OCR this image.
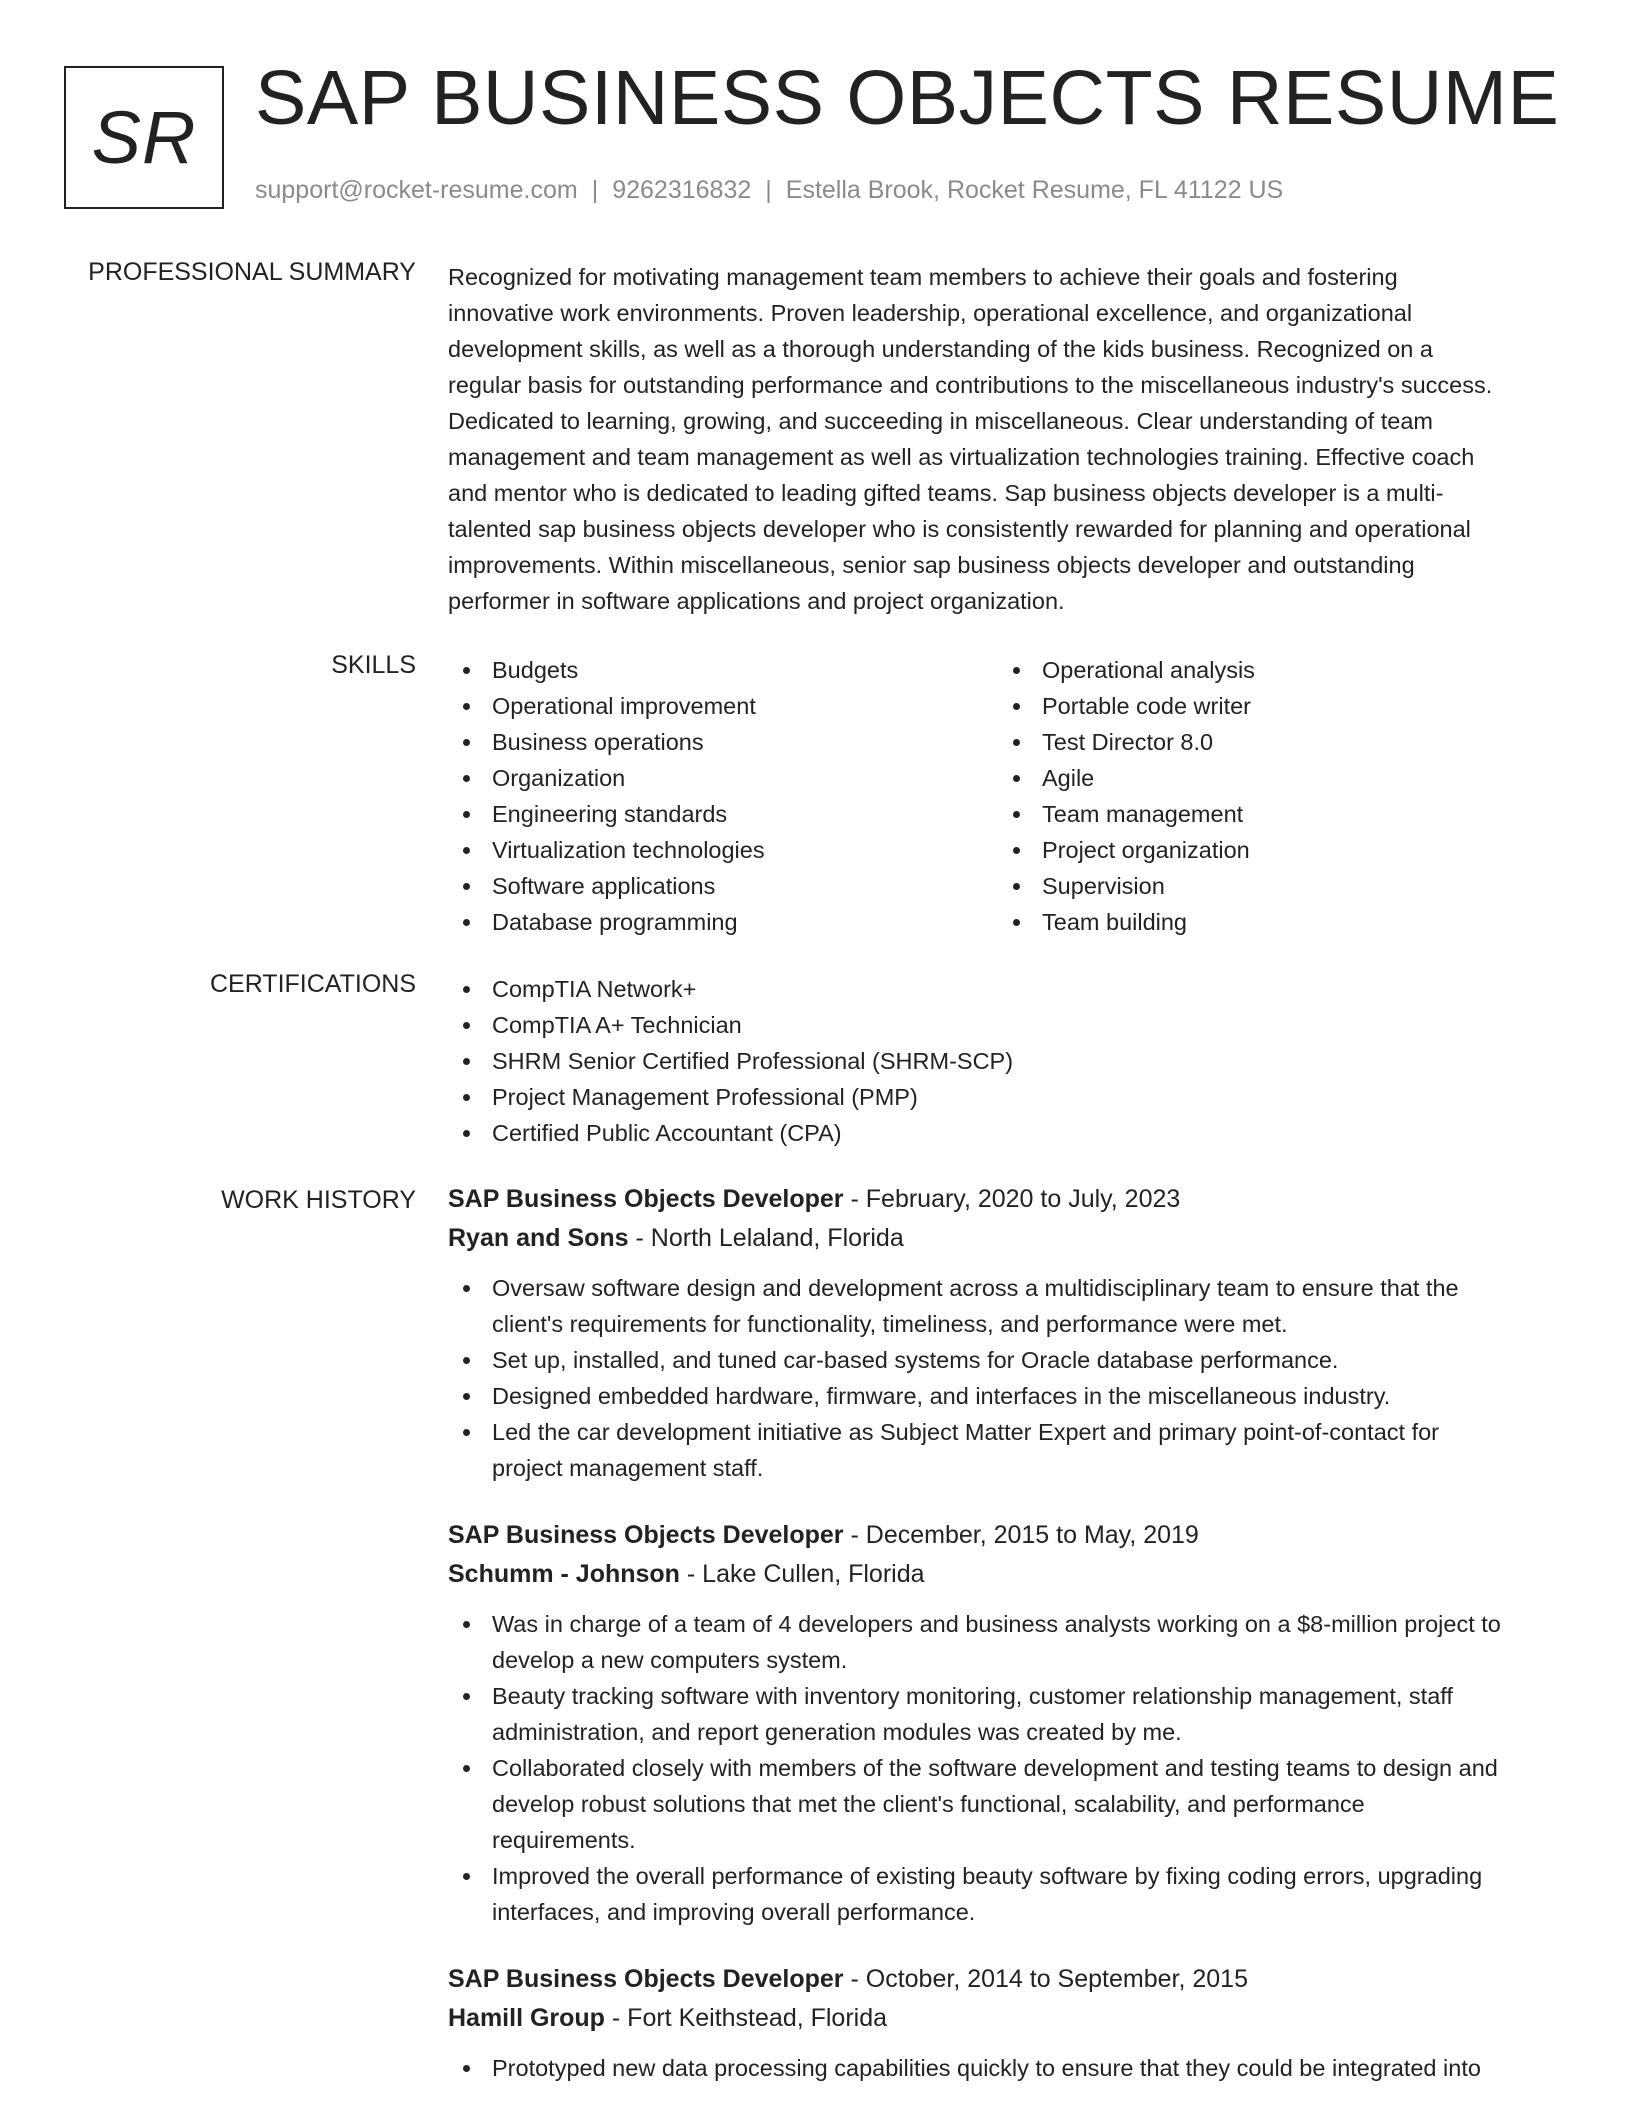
SR SAP BUSINESS OBJECTS RESUME
support@rocket-resume.com | 9262316832 | Estella Brook, Rocket Resume, FL 41122 US
PROFESSIONAL SUMMARY Recognized for motivating management team members to achieve their goals and fostering

innovative work environments. Proven leadership, operational excellence, and organizational

development skills, as well as a thorough understanding of the kids business. Recognized on a

regular basis for outstanding performance and contributions to the miscellaneous industry's success.

Dedicated to learning, growing, and succeeding in miscellaneous. Clear understanding of team

management and team management as well as virtualization technologies training. Effective coach

and mentor who is dedicated to leading gifted teams. Sap business objects developer is a multi-

talented sap business objects developer who is consistently rewarded for planning and operational

improvements. Within miscellaneous, senior sap business objects developer and outstanding

performer in software applications and project organization.

SKILLS	Budgets
Operational improvement
Business operations
Organization
Engineering standards
Virtualization technologies
Software applications
Database programming
Operational analysis
Portable code writer
Test Director 8.0
Agile
Team management
Project organization
Supervision
Team building
CERTIFICATIONS	CompTIA Network+
CompTIA A+ Technician
SHRM Senior Certified Professional (SHRM-SCP)
Project Management Professional (PMP)
Certified Public Accountant (CPA)
WORK HISTORY SAP Business Objects Developer - February, 2020 to July, 2023
Ryan and Sons - North Lelaland, Florida
Oversaw software design and development across a multidisciplinary team to ensure that the
client's requirements for functionality, timeliness, and performance were met.
Set up, installed, and tuned car-based systems for Oracle database performance.
Designed embedded hardware, firmware, and interfaces in the miscellaneous industry.
Led the car development initiative as Subject Matter Expert and primary point-of-contact for
project management staff.
SAP Business Objects Developer - December, 2015 to May, 2019
Schumm - Johnson - Lake Cullen, Florida
Was in charge of a team of 4 developers and business analysts working on a $8-million project to
develop a new computers system.
Beauty tracking software with inventory monitoring, customer relationship management, staff
administration, and report generation modules was created by me.
Collaborated closely with members of the software development and testing teams to design and
develop robust solutions that met the client's functional, scalability, and performance
requirements.
Improved the overall performance of existing beauty software by fixing coding errors, upgrading
interfaces, and improving overall performance.
SAP Business Objects Developer - October, 2014 to September, 2015
Hamill Group - Fort Keithstead, Florida
Prototyped new data processing capabilities quickly to ensure that they could be integrated into
